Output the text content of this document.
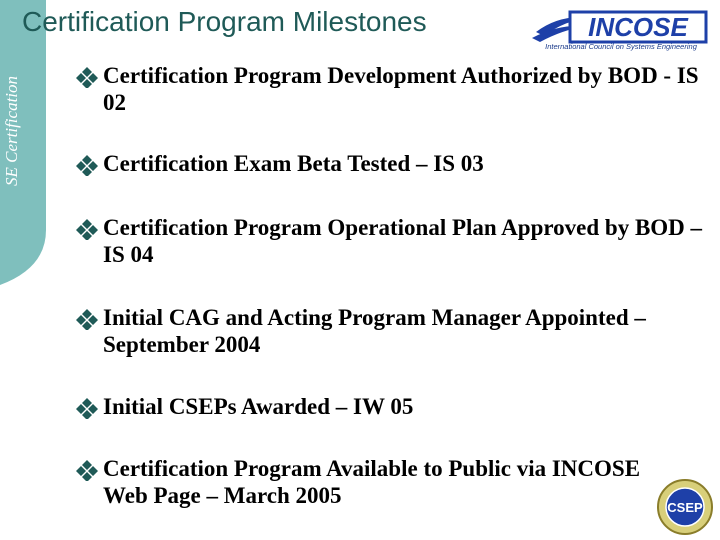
SE Certification
Certification Program Milestones	INCOSE
International Council on Systems Engineering
Certification Program Development Authorized by BOD - IS 02
Certification Exam Beta Tested – IS 03
Certification Program Operational Plan Approved by BOD – IS 04
Initial CAG and Acting Program Manager Appointed – September 2004
Initial CSEPs Awarded – IW 05
Certification Program Available to Public via INCOSE Web Page – March 2005	CSEP
